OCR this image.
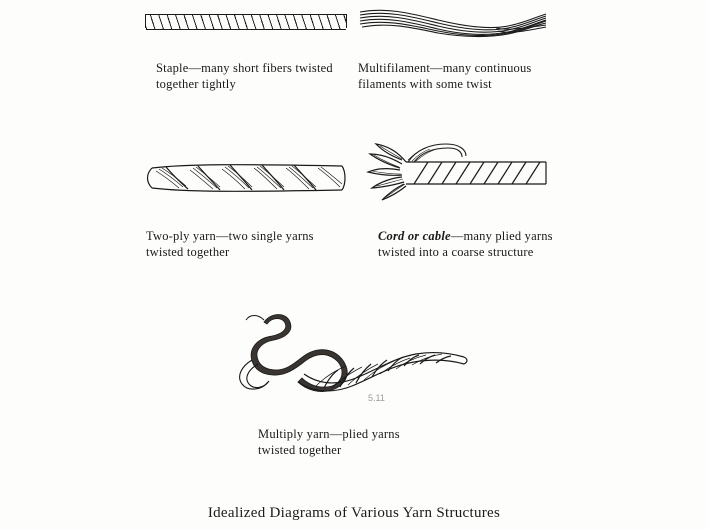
Staple—many short fibers twisted
together tightly
Multifilament—many continuous
filaments with some twist
Two-ply yarn—two single yarns
twisted together
Cord or cable—many plied yarns
twisted into a coarse structure
5.11
Multiply yarn—plied yarns
twisted together
Idealized Diagrams of Various Yarn Structures
